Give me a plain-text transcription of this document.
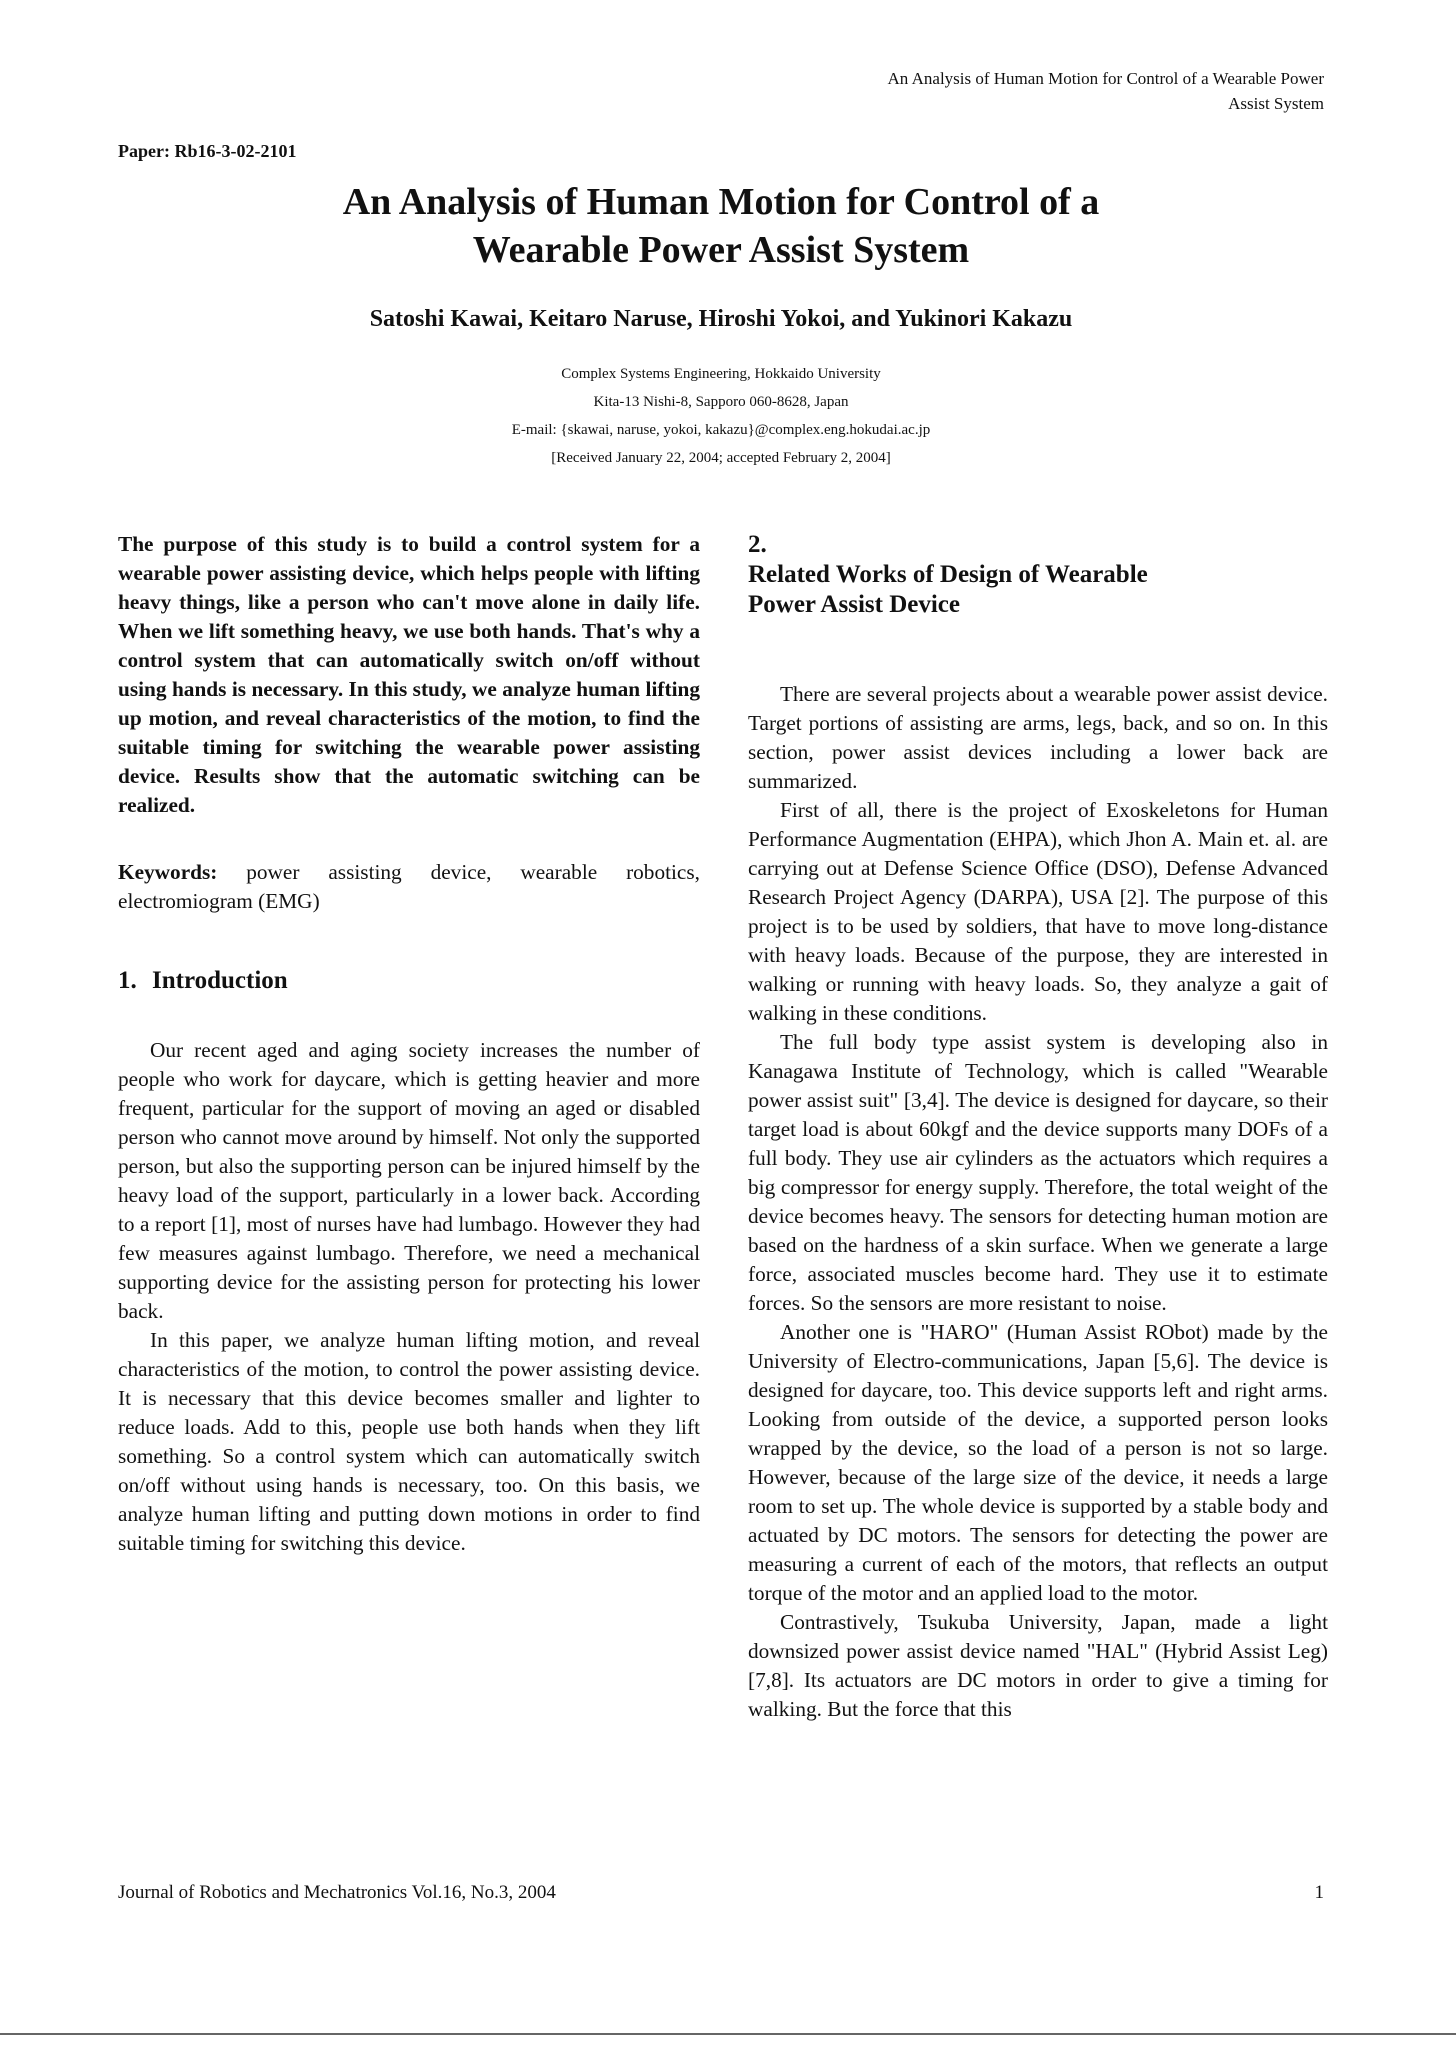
An Analysis of Human Motion for Control of a Wearable Power
Assist System
Paper: Rb16-3-02-2101
An Analysis of Human Motion for Control of a
Wearable Power Assist System
Satoshi Kawai, Keitaro Naruse, Hiroshi Yokoi, and Yukinori Kakazu
Complex Systems Engineering, Hokkaido University
Kita-13 Nishi-8, Sapporo 060-8628, Japan
E-mail: {skawai, naruse, yokoi, kakazu}@complex.eng.hokudai.ac.jp
[Received January 22, 2004; accepted February 2, 2004]

The purpose of this study is to build a control system for a wearable power assisting device, which helps people with lifting heavy things, like a person who can't move alone in daily life. When we lift something heavy, we use both hands. That's why a control system that can automatically switch on/off without using hands is necessary. In this study, we analyze human lifting up motion, and reveal characteristics of the motion, to find the suitable timing for switching the wearable power assisting device. Results show that the automatic switching can be realized.

Keywords: power assisting device, wearable robotics, electromiogram (EMG)

1. Introduction

Our recent aged and aging society increases the number of people who work for daycare, which is getting heavier and more frequent, particular for the support of moving an aged or disabled person who cannot move around by himself. Not only the supported person, but also the supporting person can be injured himself by the heavy load of the support, particularly in a lower back. According to a report [1], most of nurses have had lumbago. However they had few measures against lumbago. Therefore, we need a mechanical supporting device for the assisting person for protecting his lower back.

In this paper, we analyze human lifting motion, and reveal characteristics of the motion, to control the power assisting device. It is necessary that this device becomes smaller and lighter to reduce loads. Add to this, people use both hands when they lift something. So a control system which can automatically switch on/off without using hands is necessary, too. On this basis, we analyze human lifting and putting down motions in order to find suitable timing for switching this device.

2.
Related Works of Design of Wearable
Power Assist Device

There are several projects about a wearable power assist device. Target portions of assisting are arms, legs, back, and so on. In this section, power assist devices including a lower back are summarized.

First of all, there is the project of Exoskeletons for Human Performance Augmentation (EHPA), which Jhon A. Main et. al. are carrying out at Defense Science Office (DSO), Defense Advanced Research Project Agency (DARPA), USA [2]. The purpose of this project is to be used by soldiers, that have to move long-distance with heavy loads. Because of the purpose, they are interested in walking or running with heavy loads. So, they analyze a gait of walking in these conditions.

The full body type assist system is developing also in Kanagawa Institute of Technology, which is called "Wearable power assist suit" [3,4]. The device is designed for daycare, so their target load is about 60kgf and the device supports many DOFs of a full body. They use air cylinders as the actuators which requires a big compressor for energy supply. Therefore, the total weight of the device becomes heavy. The sensors for detecting human motion are based on the hardness of a skin surface. When we generate a large force, associated muscles become hard. They use it to estimate forces. So the sensors are more resistant to noise.

Another one is "HARO" (Human Assist RObot) made by the University of Electro-communications, Japan [5,6]. The device is designed for daycare, too. This device supports left and right arms. Looking from outside of the device, a supported person looks wrapped by the device, so the load of a person is not so large. However, because of the large size of the device, it needs a large room to set up. The whole device is supported by a stable body and actuated by DC motors. The sensors for detecting the power are measuring a current of each of the motors, that reflects an output torque of the motor and an applied load to the motor.

Contrastively, Tsukuba University, Japan, made a light downsized power assist device named "HAL" (Hybrid Assist Leg) [7,8]. Its actuators are DC motors in order to give a timing for walking. But the force that this

Journal of Robotics and Mechatronics Vol.16, No.3, 2004	1
